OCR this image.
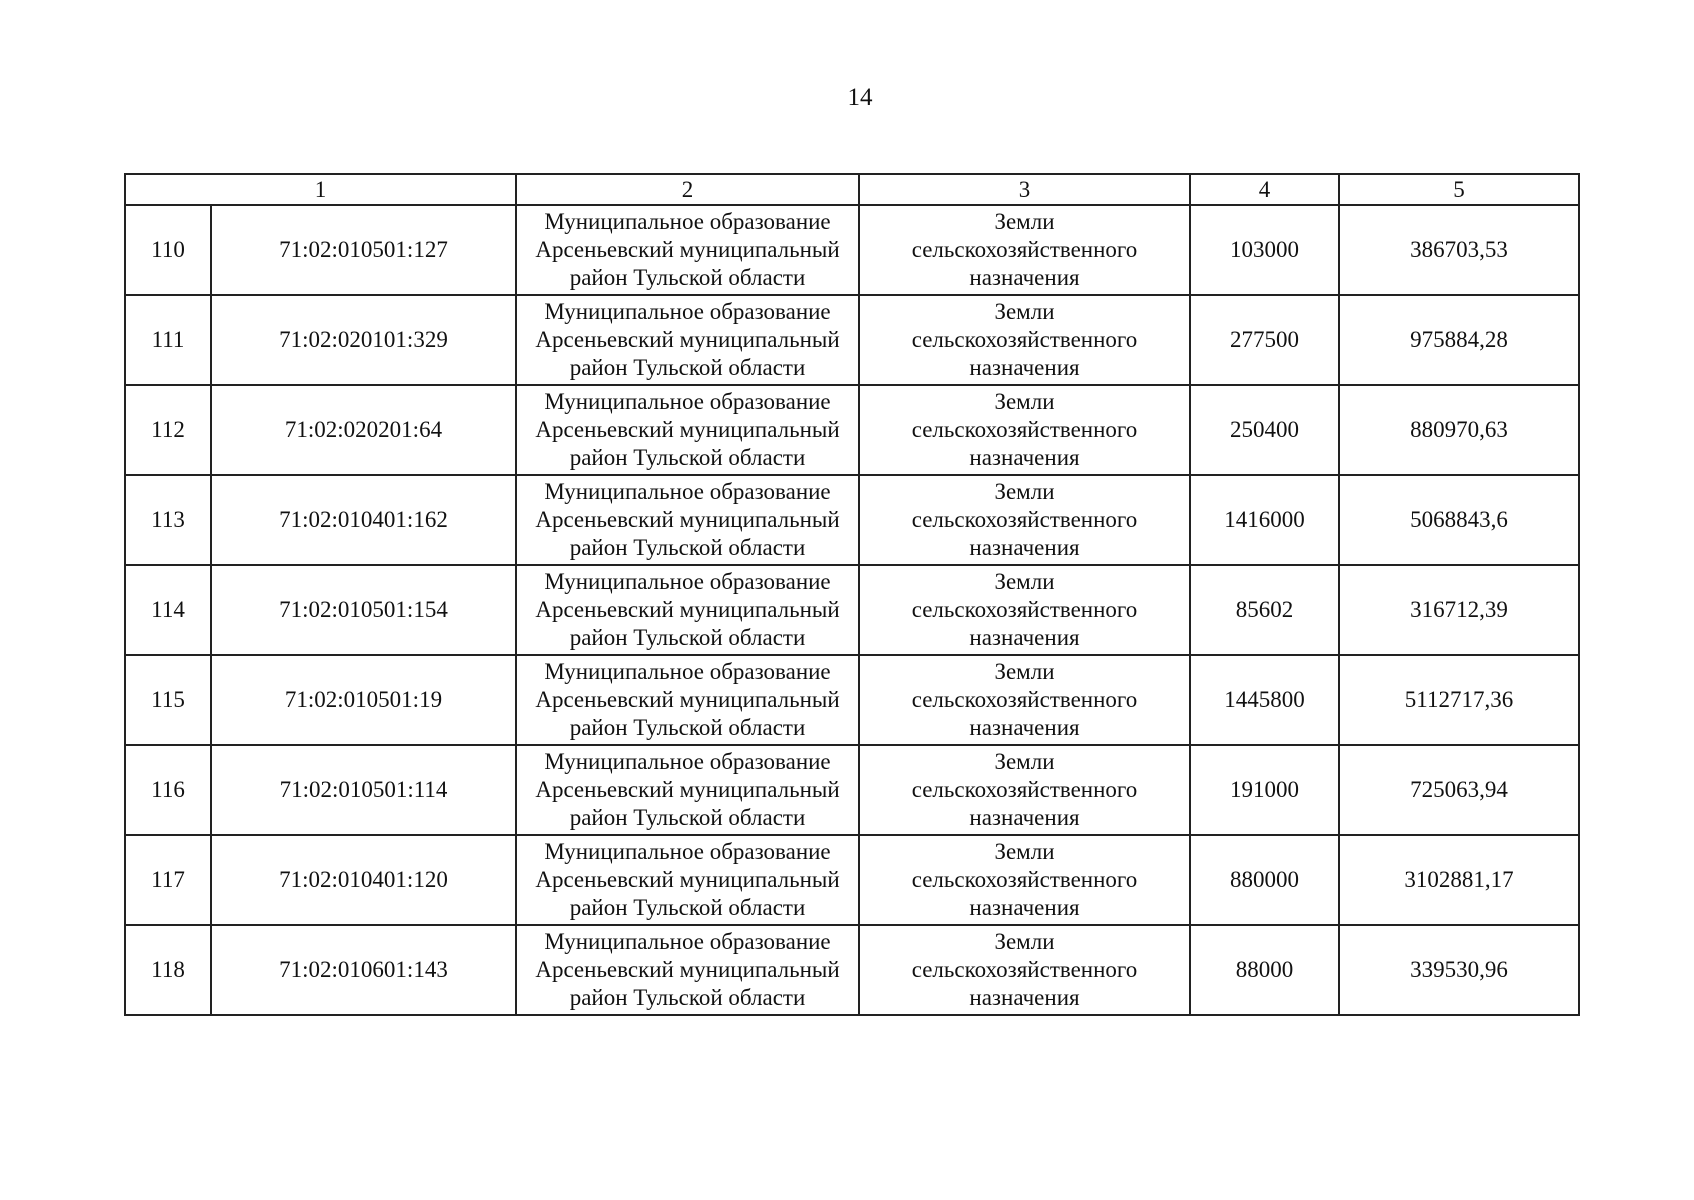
14
1		2	3	4	5
110	71:02:010501:127	Муниципальное образование
Арсеньевский муниципальный
район Тульской области	Земли
сельскохозяйственного
назначения	103000	386703,53
111	71:02:020101:329	Муниципальное образование
Арсеньевский муниципальный
район Тульской области	Земли
сельскохозяйственного
назначения	277500	975884,28
112	71:02:020201:64	Муниципальное образование
Арсеньевский муниципальный
район Тульской области	Земли
сельскохозяйственного
назначения	250400	880970,63
113	71:02:010401:162	Муниципальное образование
Арсеньевский муниципальный
район Тульской области	Земли
сельскохозяйственного
назначения	1416000	5068843,6
114	71:02:010501:154	Муниципальное образование
Арсеньевский муниципальный
район Тульской области	Земли
сельскохозяйственного
назначения	85602	316712,39
115	71:02:010501:19	Муниципальное образование
Арсеньевский муниципальный
район Тульской области	Земли
сельскохозяйственного
назначения	1445800	5112717,36
116	71:02:010501:114	Муниципальное образование
Арсеньевский муниципальный
район Тульской области	Земли
сельскохозяйственного
назначения	191000	725063,94
117	71:02:010401:120	Муниципальное образование
Арсеньевский муниципальный
район Тульской области	Земли
сельскохозяйственного
назначения	880000	3102881,17
118	71:02:010601:143	Муниципальное образование
Арсеньевский муниципальный
район Тульской области	Земли
сельскохозяйственного
назначения	88000	339530,96
